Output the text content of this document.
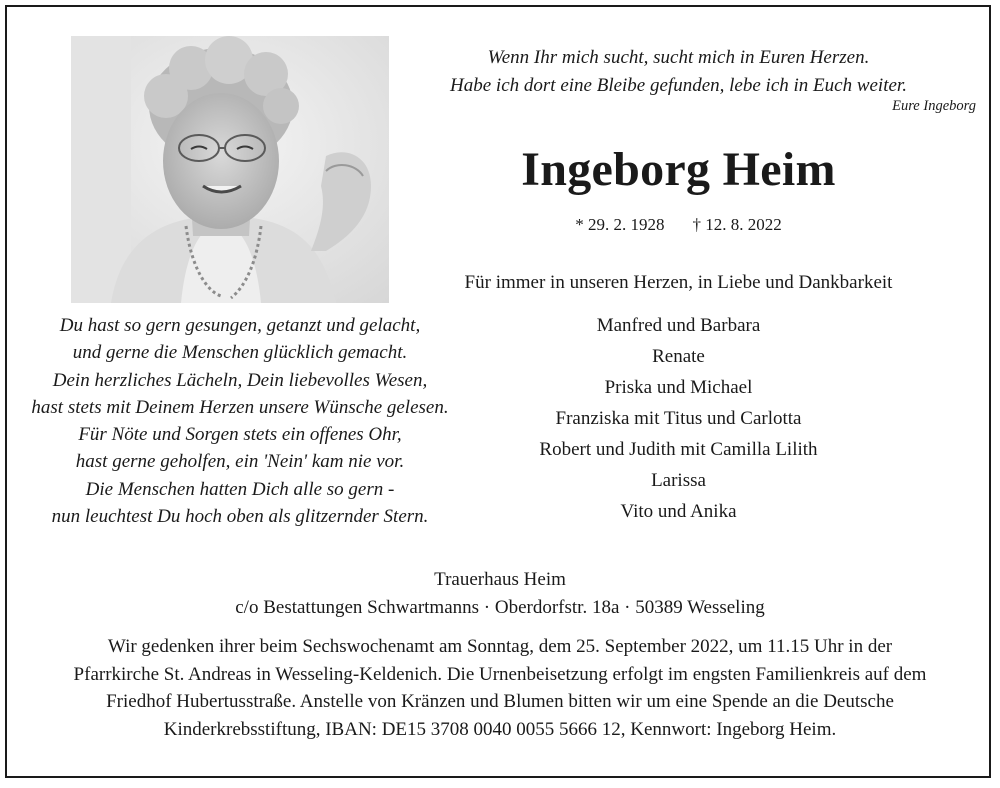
Wenn Ihr mich sucht, sucht mich in Euren Herzen.
Habe ich dort eine Bleibe gefunden, lebe ich in Euch weiter.
Eure Ingeborg
Ingeborg Heim
* 29. 2. 1928 † 12. 8. 2022
Für immer in unseren Herzen, in Liebe und Dankbarkeit
Manfred und Barbara
Renate
Priska und Michael
Franziska mit Titus und Carlotta
Robert und Judith mit Camilla Lilith
Larissa
Vito und Anika
Du hast so gern gesungen, getanzt und gelacht,
und gerne die Menschen glücklich gemacht.
Dein herzliches Lächeln, Dein liebevolles Wesen,
hast stets mit Deinem Herzen unsere Wünsche gelesen.
Für Nöte und Sorgen stets ein offenes Ohr,
hast gerne geholfen, ein 'Nein' kam nie vor.
Die Menschen hatten Dich alle so gern -
nun leuchtest Du hoch oben als glitzernder Stern.
Trauerhaus Heim
c/o Bestattungen Schwartmanns · Oberdorfstr. 18a · 50389 Wesseling
Wir gedenken ihrer beim Sechswochenamt am Sonntag, dem 25. September 2022, um 11.15 Uhr in der
Pfarrkirche St. Andreas in Wesseling-Keldenich. Die Urnenbeisetzung erfolgt im engsten Familienkreis auf dem
Friedhof Hubertusstraße. Anstelle von Kränzen und Blumen bitten wir um eine Spende an die Deutsche
Kinderkrebsstiftung, IBAN: DE15 3708 0040 0055 5666 12, Kennwort: Ingeborg Heim.
